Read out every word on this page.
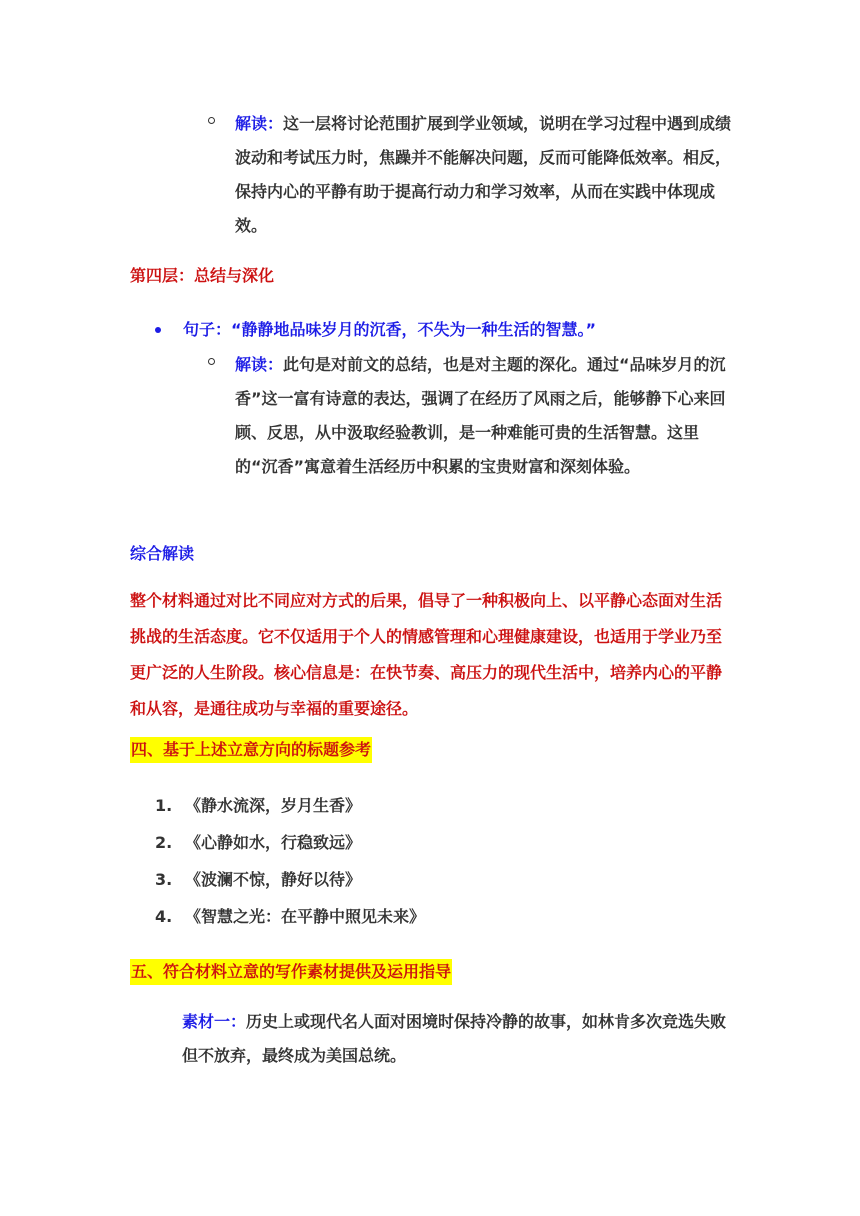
解读：这一层将讨论范围扩展到学业领域，说明在学习过程中遇到成绩波动和考试压力时，焦躁并不能解决问题，反而可能降低效率。相反，保持内心的平静有助于提高行动力和学习效率，从而在实践中体现成效。
第四层：总结与深化
句子：“静静地品味岁月的沉香，不失为一种生活的智慧。”
解读：此句是对前文的总结，也是对主题的深化。通过“品味岁月的沉香”这一富有诗意的表达，强调了在经历了风雨之后，能够静下心来回顾、反思，从中汲取经验教训，是一种难能可贵的生活智慧。这里的“沉香”寓意着生活经历中积累的宝贵财富和深刻体验。
综合解读
整个材料通过对比不同应对方式的后果，倡导了一种积极向上、以平静心态面对生活挑战的生活态度。它不仅适用于个人的情感管理和心理健康建设，也适用于学业乃至更广泛的人生阶段。核心信息是：在快节奏、高压力的现代生活中，培养内心的平静和从容，是通往成功与幸福的重要途径。
四、基于上述立意方向的标题参考
1. 《静水流深，岁月生香》
2. 《心静如水，行稳致远》
3. 《波澜不惊，静好以待》
4. 《智慧之光：在平静中照见未来》
五、符合材料立意的写作素材提供及运用指导
素材一：历史上或现代名人面对困境时保持冷静的故事，如林肯多次竞选失败但不放弃，最终成为美国总统。
